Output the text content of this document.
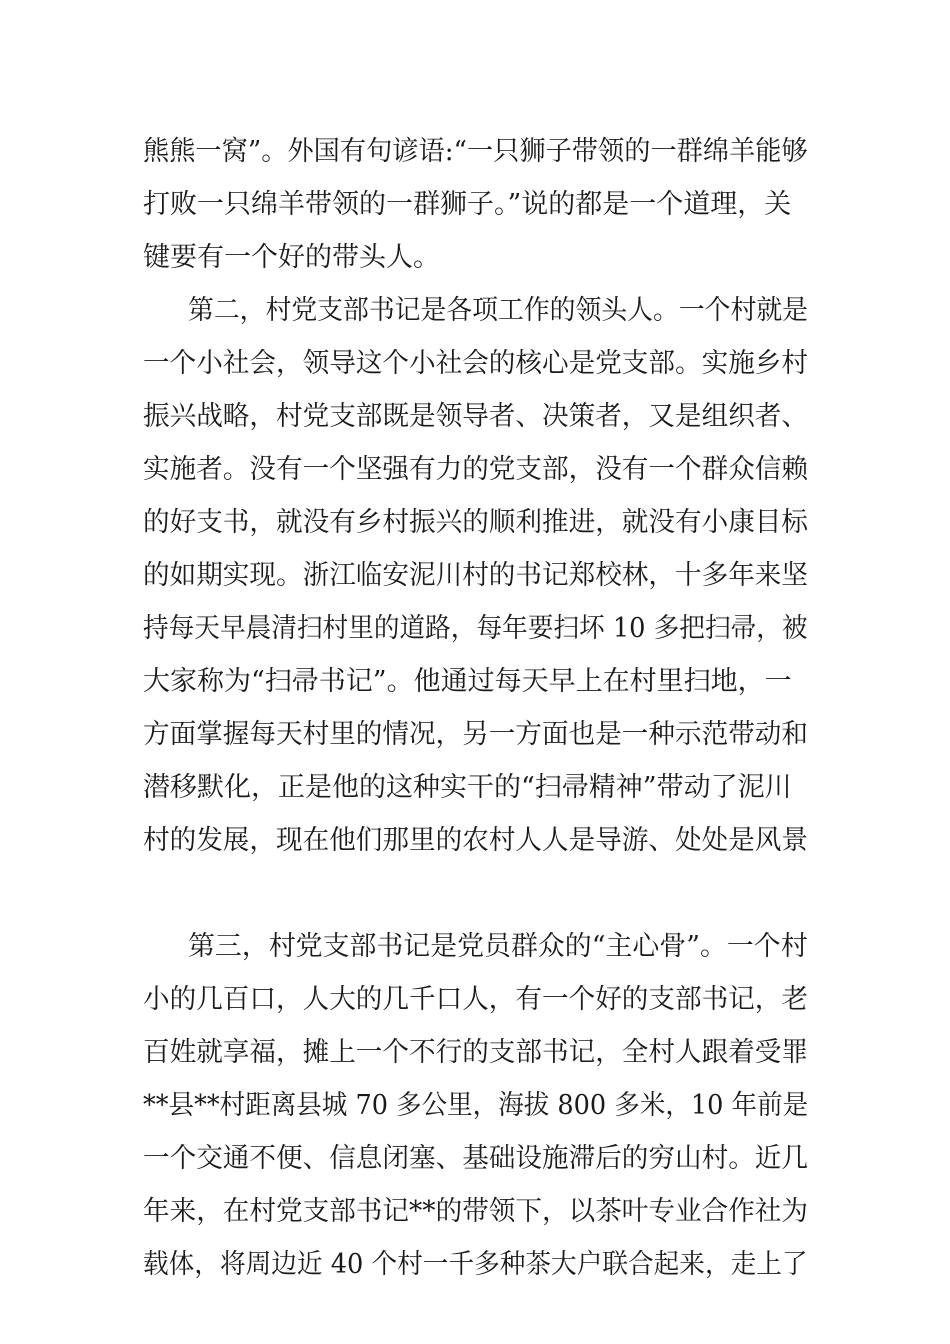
熊熊一窝”。外国有句谚语:“一只狮子带领的一群绵羊能够
打败一只绵羊带领的一群狮子。”说的都是一个道理，关
键要有一个好的带头人。
第二，村党支部书记是各项工作的领头人。一个村就是
一个小社会，领导这个小社会的核心是党支部。实施乡村
振兴战略，村党支部既是领导者、决策者，又是组织者、
实施者。没有一个坚强有力的党支部，没有一个群众信赖
的好支书，就没有乡村振兴的顺利推进，就没有小康目标
的如期实现。浙江临安泥川村的书记郑校林，十多年来坚
持每天早晨清扫村里的道路，每年要扫坏 10 多把扫帚，被
大家称为“扫帚书记”。他通过每天早上在村里扫地，一
方面掌握每天村里的情况，另一方面也是一种示范带动和
潜移默化，正是他的这种实干的“扫帚精神”带动了泥川
村的发展，现在他们那里的农村人人是导游、处处是风景
第三，村党支部书记是党员群众的“主心骨”。一个村
小的几百口，人大的几千口人，有一个好的支部书记，老
百姓就享福，摊上一个不行的支部书记，全村人跟着受罪
**县**村距离县城 70 多公里，海拔 800 多米，10 年前是
一个交通不便、信息闭塞、基础设施滞后的穷山村。近几
年来，在村党支部书记**的带领下，以茶叶专业合作社为
载体，将周边近 40 个村一千多种茶大户联合起来，走上了
